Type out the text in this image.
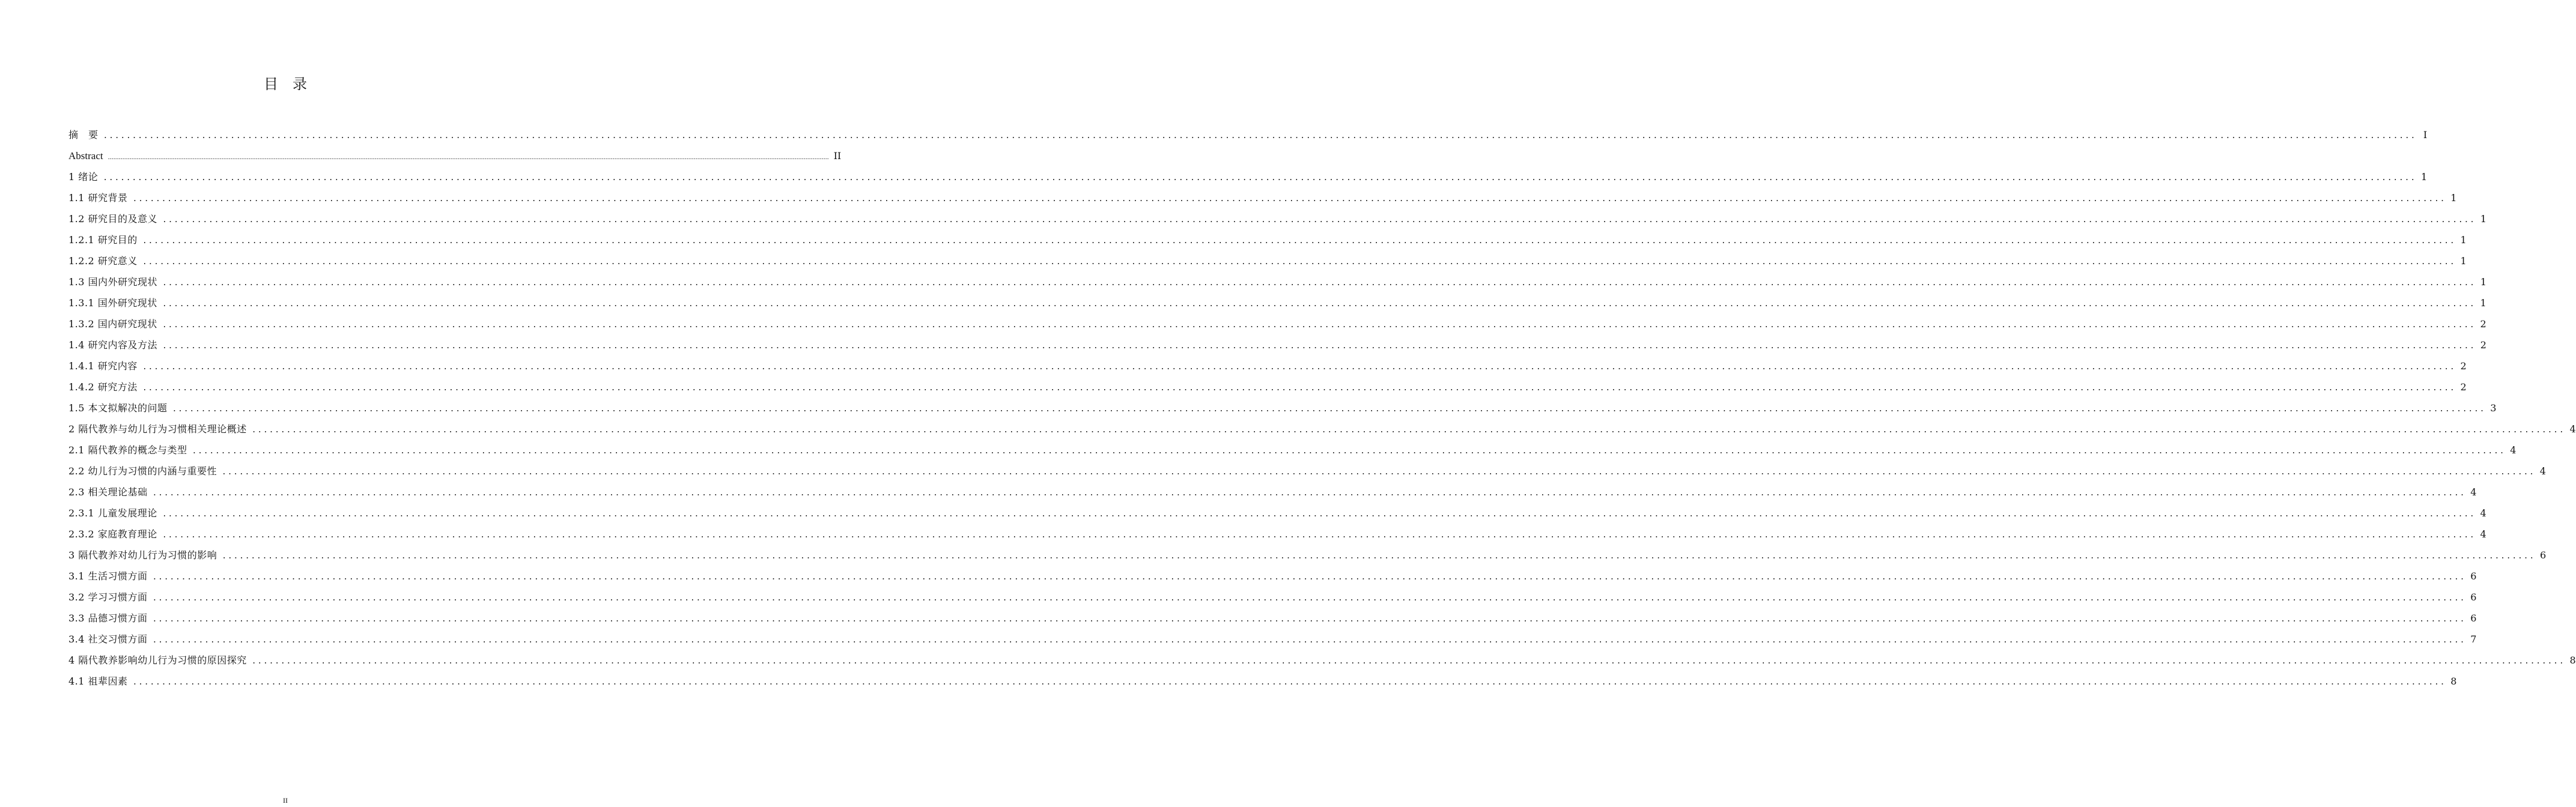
目　录
摘　要 ................................................................................................................................................................................................................................................................................................................................................................................................................ I
Abstract ................................................................................................................................................................................................................................................................................................................................................................................................................ II
1 绪论 ................................................................................................................................................................................................................................................................................................................................................................................................................ 1
1.1 研究背景 ................................................................................................................................................................................................................................................................................................................................................................................................................ 1
1.2 研究目的及意义 ................................................................................................................................................................................................................................................................................................................................................................................................................ 1
1.2.1 研究目的 ................................................................................................................................................................................................................................................................................................................................................................................................................ 1
1.2.2 研究意义 ................................................................................................................................................................................................................................................................................................................................................................................................................ 1
1.3 国内外研究现状 ................................................................................................................................................................................................................................................................................................................................................................................................................ 1
1.3.1 国外研究现状 ................................................................................................................................................................................................................................................................................................................................................................................................................ 1
1.3.2 国内研究现状 ................................................................................................................................................................................................................................................................................................................................................................................................................ 2
1.4 研究内容及方法 ................................................................................................................................................................................................................................................................................................................................................................................................................ 2
1.4.1 研究内容 ................................................................................................................................................................................................................................................................................................................................................................................................................ 2
1.4.2 研究方法 ................................................................................................................................................................................................................................................................................................................................................................................................................ 2
1.5 本文拟解决的问题 ................................................................................................................................................................................................................................................................................................................................................................................................................ 3
2 隔代教养与幼儿行为习惯相关理论概述 ................................................................................................................................................................................................................................................................................................................................................................................................................ 4
2.1 隔代教养的概念与类型 ................................................................................................................................................................................................................................................................................................................................................................................................................ 4
2.2 幼儿行为习惯的内涵与重要性 ................................................................................................................................................................................................................................................................................................................................................................................................................ 4
2.3 相关理论基础 ................................................................................................................................................................................................................................................................................................................................................................................................................ 4
2.3.1 儿童发展理论 ................................................................................................................................................................................................................................................................................................................................................................................................................ 4
2.3.2 家庭教育理论 ................................................................................................................................................................................................................................................................................................................................................................................................................ 4
3 隔代教养对幼儿行为习惯的影响 ................................................................................................................................................................................................................................................................................................................................................................................................................ 6
3.1 生活习惯方面 ................................................................................................................................................................................................................................................................................................................................................................................................................ 6
3.2 学习习惯方面 ................................................................................................................................................................................................................................................................................................................................................................................................................ 6
3.3 品德习惯方面 ................................................................................................................................................................................................................................................................................................................................................................................................................ 6
3.4 社交习惯方面 ................................................................................................................................................................................................................................................................................................................................................................................................................ 7
4 隔代教养影响幼儿行为习惯的原因探究 ................................................................................................................................................................................................................................................................................................................................................................................................................ 8
4.1 祖辈因素 ................................................................................................................................................................................................................................................................................................................................................................................................................ 8
II
